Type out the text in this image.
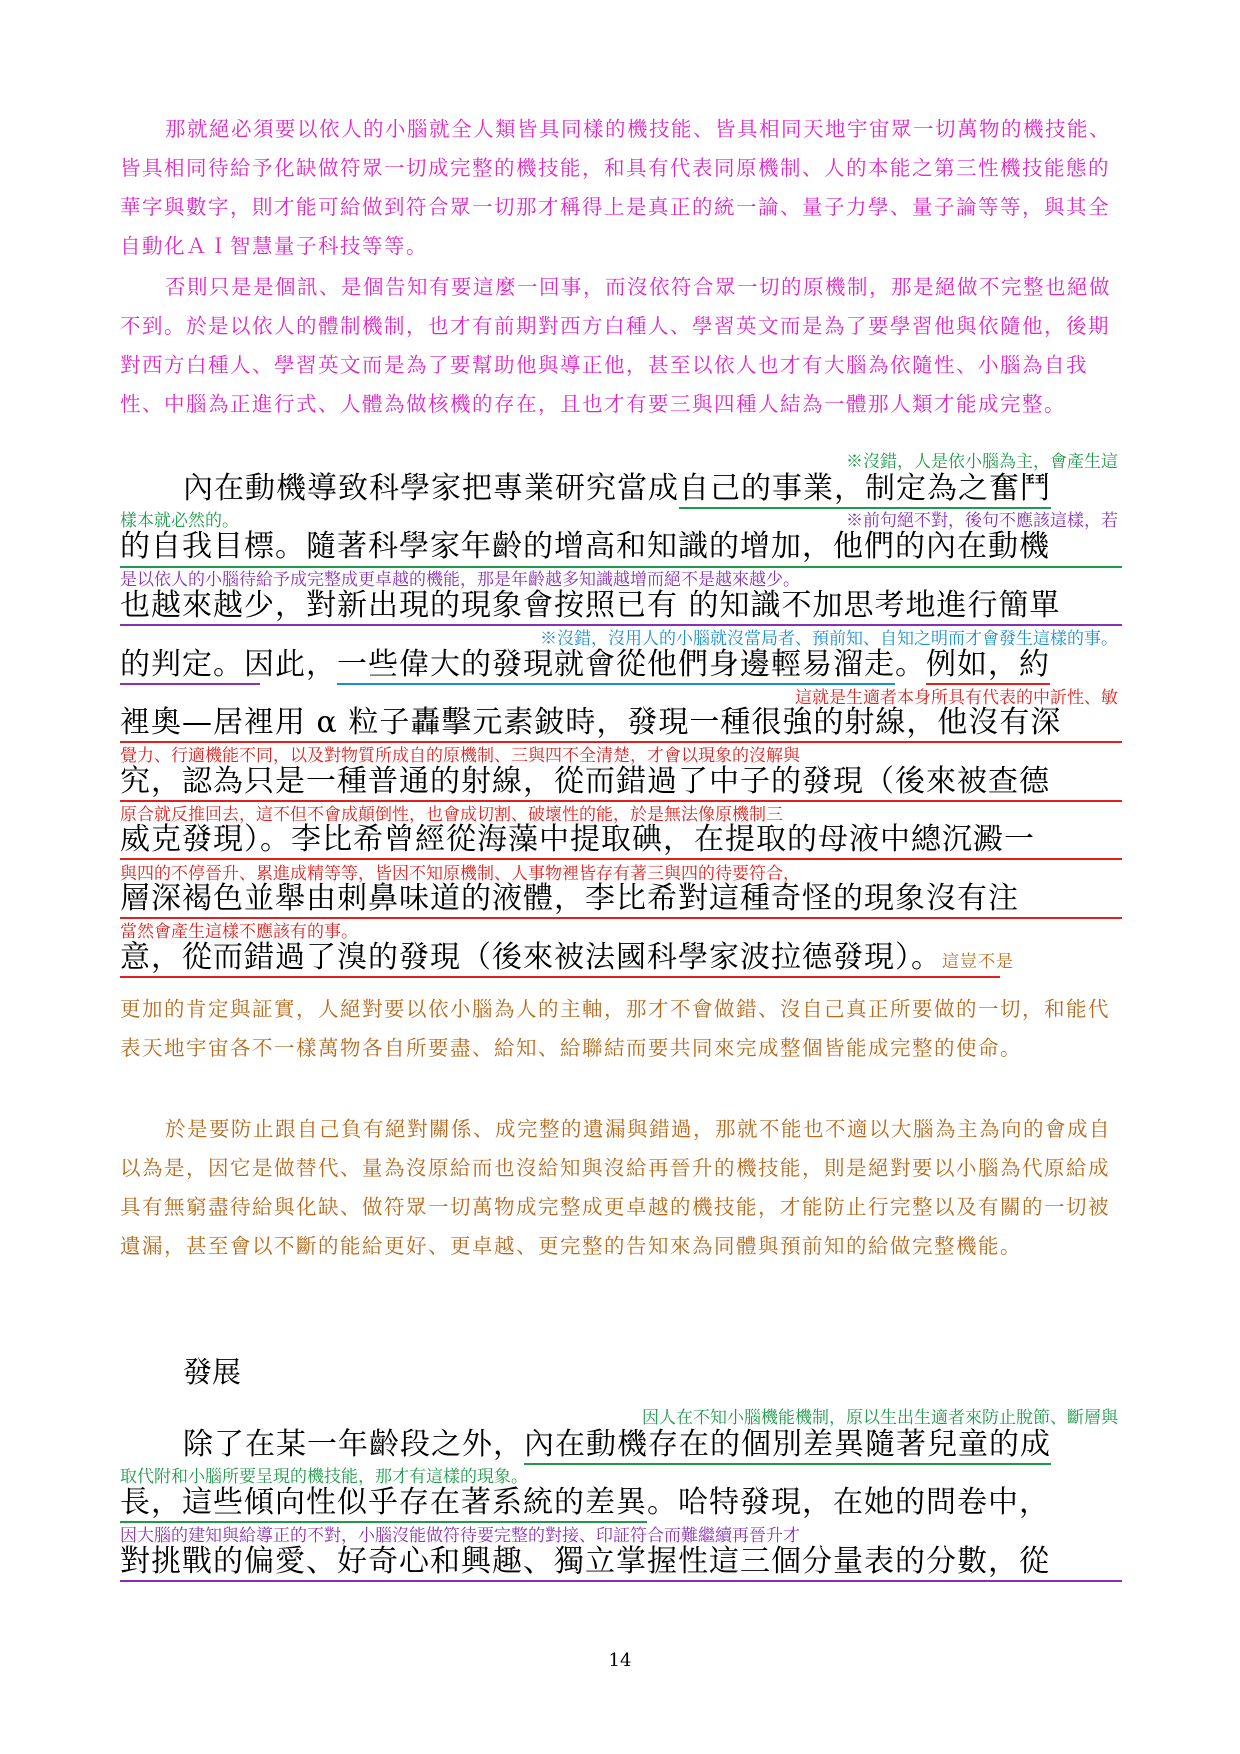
那就絕必須要以依人的小腦就全人類皆具同樣的機技能、皆具相同天地宇宙眾一切萬物的機技能、皆具相同待給予化缺做符眾一切成完整的機技能，和具有代表同原機制、人的本能之第三性機技能態的華字與數字，則才能可給做到符合眾一切那才稱得上是真正的統一論、量子力學、量子論等等，與其全自動化ＡＩ智慧量子科技等等。

否則只是是個訊、是個告知有要這麼一回事，而沒依符合眾一切的原機制，那是絕做不完整也絕做不到。於是以依人的體制機制，也才有前期對西方白種人、學習英文而是為了要學習他與依隨他，後期對西方白種人、學習英文而是為了要幫助他與導正他，甚至以依人也才有大腦為依隨性、小腦為自我性、中腦為正進行式、人體為做核機的存在，且也才有要三與四種人結為一體那人類才能成完整。

※沒錯，人是依小腦為主，會產生這
內在動機導致科學家把專業研究當成自己的事業，制定為之奮鬥
樣本就必然的。	※前句絕不對，後句不應該這樣，若
的自我目標。隨著科學家年齡的增高和知識的增加，他們的內在動機
是以依人的小腦待給予成完整成更卓越的機能，那是年齡越多知識越增而絕不是越來越少。
也越來越少，對新出現的現象會按照已有 的知識不加思考地進行簡單
※沒錯，沒用人的小腦就沒當局者、預前知、自知之明而才會發生這樣的事。
的判定。因此，一些偉大的發現就會從他們身邊輕易溜走。例如，約
這就是生適者本身所具有代表的中訢性、敏
裡奧—居裡用 α 粒子轟擊元素鈹時，發現一種很強的射線，他沒有深
覺力、行適機能不同，以及對物質所成自的原機制、三與四不全清楚，才會以現象的沒解與
究，認為只是一種普通的射線，從而錯過了中子的發現（後來被查德
原合就反推回去，這不但不會成顛倒性，也會成切割、破壞性的能，於是無法像原機制三
威克發現）。李比希曾經從海藻中提取碘，在提取的母液中總沉澱一
與四的不停晉升、累進成精等等，皆因不知原機制、人事物裡皆存有著三與四的待要符合，
層深褐色並舉由刺鼻味道的液體，李比希對這種奇怪的現象沒有注
當然會產生這樣不應該有的事。
意，從而錯過了溴的發現（後來被法國科學家波拉德發現）。這豈不是

更加的肯定與証實，人絕對要以依小腦為人的主軸，那才不會做錯、沒自己真正所要做的一切，和能代表天地宇宙各不一樣萬物各自所要盡、給知、給聯結而要共同來完成整個皆能成完整的使命。

於是要防止跟自己負有絕對關係、成完整的遺漏與錯過，那就不能也不適以大腦為主為向的會成自以為是，因它是做替代、量為沒原給而也沒給知與沒給再晉升的機技能，則是絕對要以小腦為代原給成具有無窮盡待給與化缺、做符眾一切萬物成完整成更卓越的機技能，才能防止行完整以及有關的一切被遺漏，甚至會以不斷的能給更好、更卓越、更完整的告知來為同體與預前知的給做完整機能。

發展
因人在不知小腦機能機制，原以生出生適者來防止脫節、斷層與
除了在某一年齡段之外，內在動機存在的個別差異隨著兒童的成
取代附和小腦所要呈現的機技能，那才有這樣的現象。
長，這些傾向性似乎存在著系統的差異。哈特發現，在她的問卷中，
因大腦的建知與給導正的不對，小腦沒能做符待要完整的對接、印証符合而難繼續再晉升才
對挑戰的偏愛、好奇心和興趣、獨立掌握性這三個分量表的分數，從
14
